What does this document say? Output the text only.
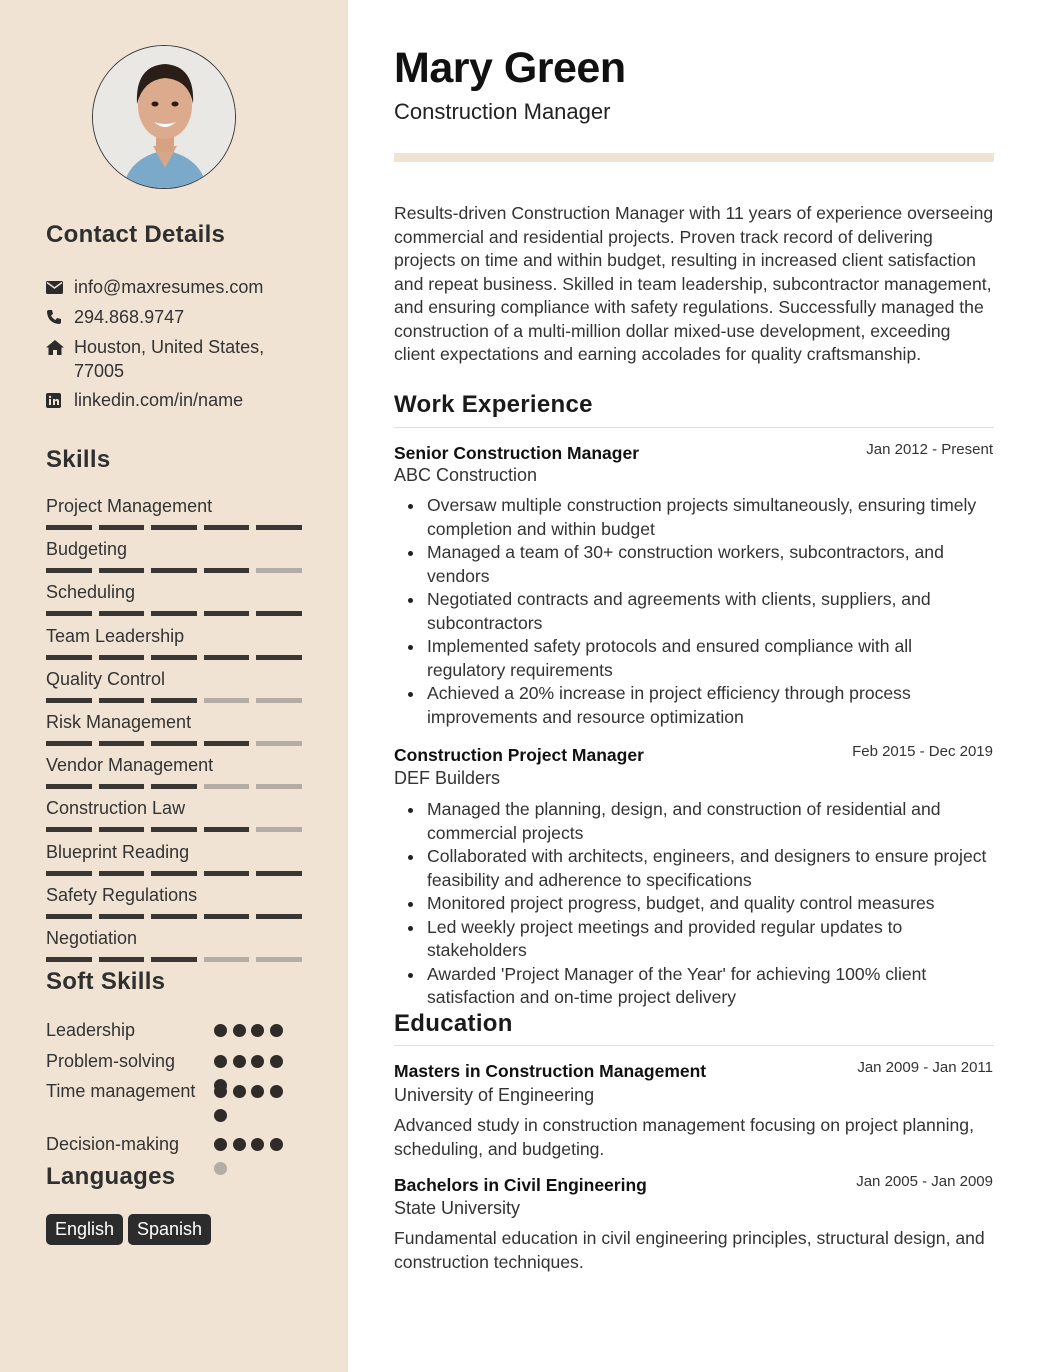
Contact Details
info@maxresumes.com
294.868.9747
Houston, United States,
77005
linkedin.com/in/name
Skills
Project Management
Budgeting
Scheduling
Team Leadership
Quality Control
Risk Management
Vendor Management
Construction Law
Blueprint Reading
Safety Regulations
Negotiation
Soft Skills
Leadership
Problem-solving
Time management
Decision-making
Languages
English	Spanish
Mary Green
Construction Manager
Results-driven Construction Manager with 11 years of experience overseeing commercial and residential projects. Proven track record of delivering projects on time and within budget, resulting in increased client satisfaction and repeat business. Skilled in team leadership, subcontractor management, and ensuring compliance with safety regulations. Successfully managed the construction of a multi-million dollar mixed-use development, exceeding client expectations and earning accolades for quality craftsmanship.
Work Experience
Senior Construction Manager	Jan 2012 - Present
ABC Construction
Oversaw multiple construction projects simultaneously, ensuring timely completion and within budget
Managed a team of 30+ construction workers, subcontractors, and vendors
Negotiated contracts and agreements with clients, suppliers, and subcontractors
Implemented safety protocols and ensured compliance with all regulatory requirements
Achieved a 20% increase in project efficiency through process improvements and resource optimization
Construction Project Manager	Feb 2015 - Dec 2019
DEF Builders
Managed the planning, design, and construction of residential and commercial projects
Collaborated with architects, engineers, and designers to ensure project feasibility and adherence to specifications
Monitored project progress, budget, and quality control measures
Led weekly project meetings and provided regular updates to stakeholders
Awarded 'Project Manager of the Year' for achieving 100% client satisfaction and on-time project delivery
Education
Masters in Construction Management	Jan 2009 - Jan 2011
University of Engineering
Advanced study in construction management focusing on project planning, scheduling, and budgeting.
Bachelors in Civil Engineering	Jan 2005 - Jan 2009
State University
Fundamental education in civil engineering principles, structural design, and construction techniques.
